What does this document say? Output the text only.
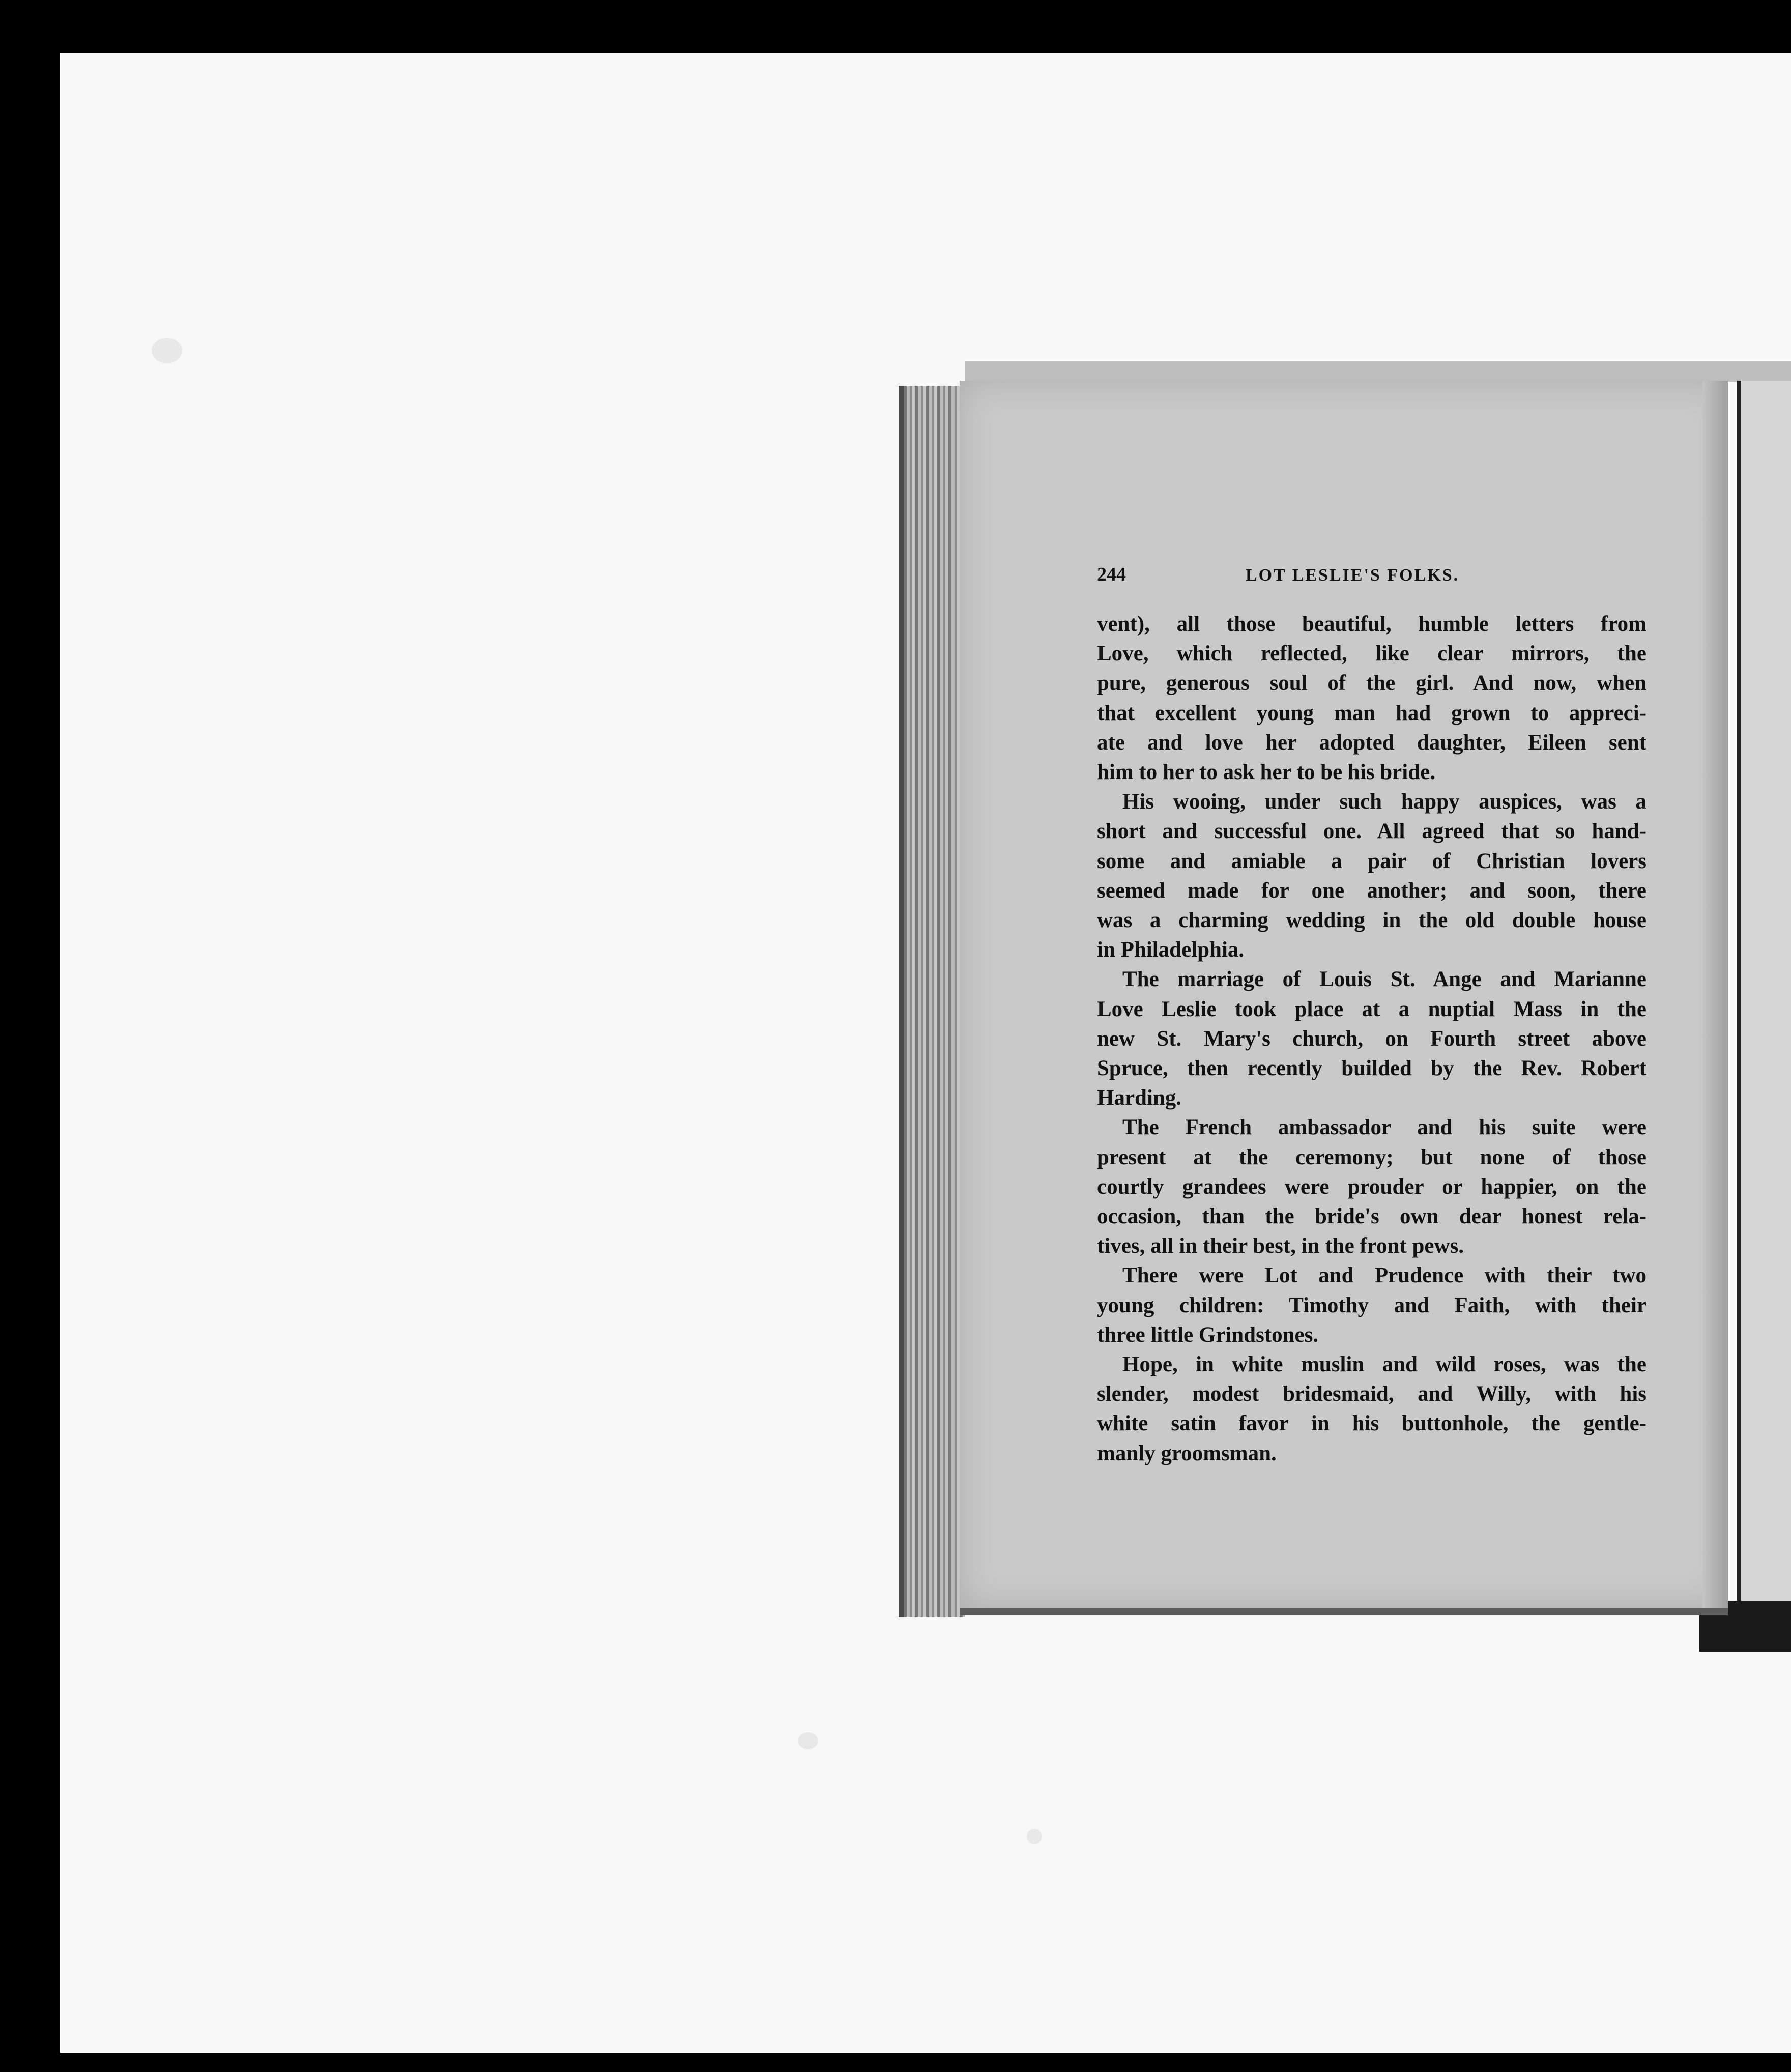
244	LOT LESLIE'S FOLKS.
vent), all those beautiful, humble letters from
Love, which reflected, like clear mirrors, the
pure, generous soul of the girl. And now, when
that excellent young man had grown to appreci-
ate and love her adopted daughter, Eileen sent
him to her to ask her to be his bride.
His wooing, under such happy auspices, was a
short and successful one. All agreed that so hand-
some and amiable a pair of Christian lovers
seemed made for one another; and soon, there
was a charming wedding in the old double house
in Philadelphia.
The marriage of Louis St. Ange and Marianne
Love Leslie took place at a nuptial Mass in the
new St. Mary's church, on Fourth street above
Spruce, then recently builded by the Rev. Robert
Harding.
The French ambassador and his suite were
present at the ceremony; but none of those
courtly grandees were prouder or happier, on the
occasion, than the bride's own dear honest rela-
tives, all in their best, in the front pews.
There were Lot and Prudence with their two
young children: Timothy and Faith, with their
three little Grindstones.
Hope, in white muslin and wild roses, was the
slender, modest bridesmaid, and Willy, with his
white satin favor in his buttonhole, the gentle-
manly groomsman.
